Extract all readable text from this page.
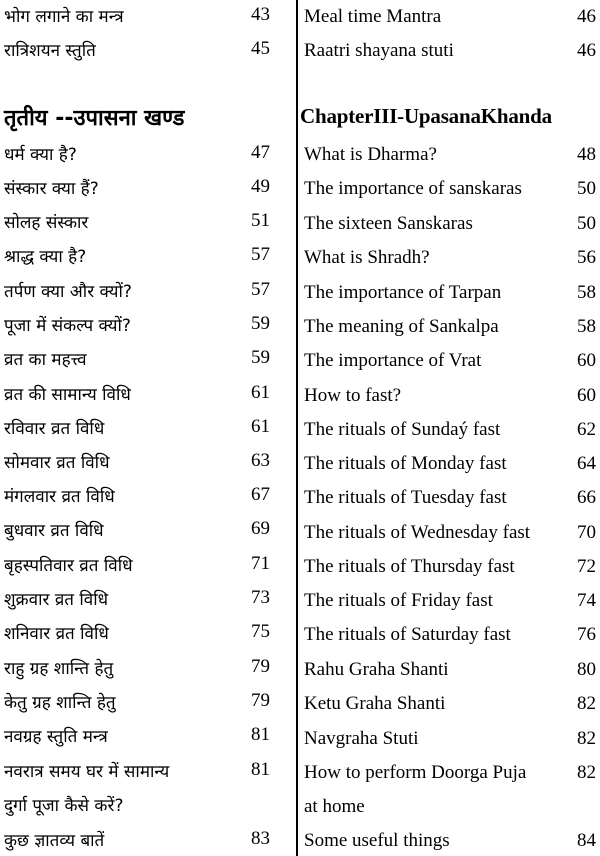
भोग लगाने का मन्त्र	43
रात्रिशयन स्तुति	45
तृतीय --उपासना खण्ड
धर्म क्या है?	47
संस्कार क्या हैं?	49
सोलह संस्कार	51
श्राद्ध क्या है?	57
तर्पण क्या और क्यों?	57
पूजा में संकल्प क्यों?	59
व्रत का महत्त्व	59
व्रत की सामान्य विधि	61
रविवार व्रत विधि	61
सोमवार व्रत विधि	63
मंगलवार व्रत विधि	67
बुधवार व्रत विधि	69
बृहस्पतिवार व्रत विधि	71
शुक्रवार व्रत विधि	73
शनिवार व्रत विधि	75
राहु ग्रह शान्ति हेतु	79
केतु ग्रह शान्ति हेतु	79
नवग्रह स्तुति मन्त्र	81
नवरात्र समय घर में सामान्य	81
दुर्गा पूजा कैसे करें?
कुछ ज्ञातव्य बातें	83
Meal time Mantra	46
Raatri shayana stuti	46
ChapterIII-UpasanaKhanda
What is Dharma?	48
The importance of sanskaras	50
The sixteen Sanskaras	50
What is Shradh?	56
The importance of Tarpan	58
The meaning of Sankalpa	58
The importance of Vrat	60
How to fast?	60
The rituals of Sundaý fast	62
The rituals of Monday fast	64
The rituals of Tuesday fast	66
The rituals of Wednesday fast 70
The rituals of Thursday fast	72
The rituals of Friday fast	74
The rituals of Saturday fast	76
Rahu Graha Shanti	80
Ketu Graha Shanti	82
Navgraha Stuti	82
How to perform Doorga Puja	82
at home
Some useful things	84
